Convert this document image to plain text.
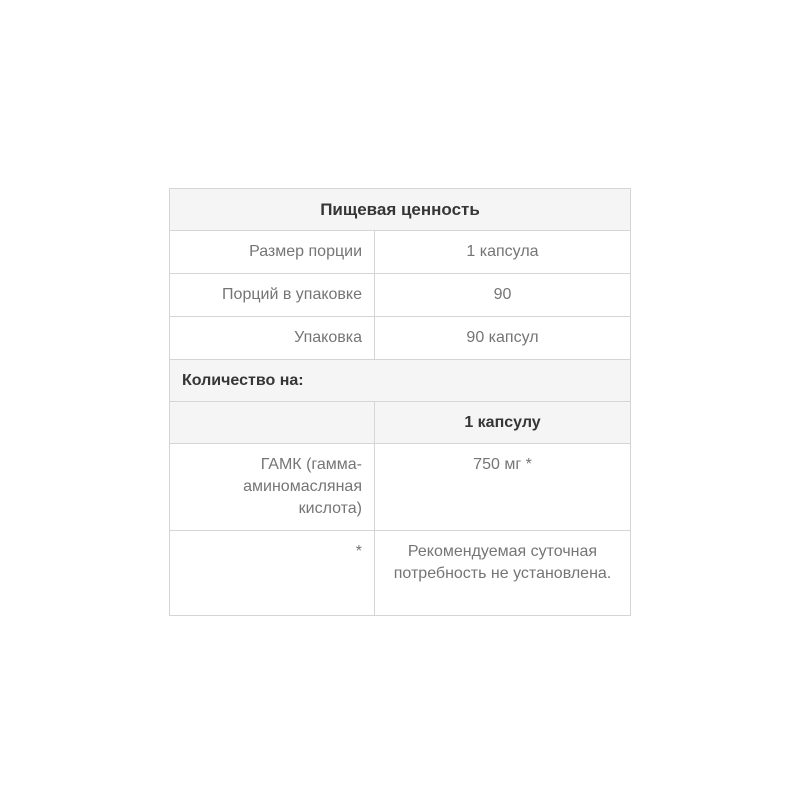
Пищевая ценность	
Размер порции	1 капсула
Порций в упаковке	90
Упаковка	90 капсул
Количество на:	
	1 капсулу
ГАМК (гамма-аминомасляная кислота)	750 мг *
*	Рекомендуемая суточная потребность не установлена.
